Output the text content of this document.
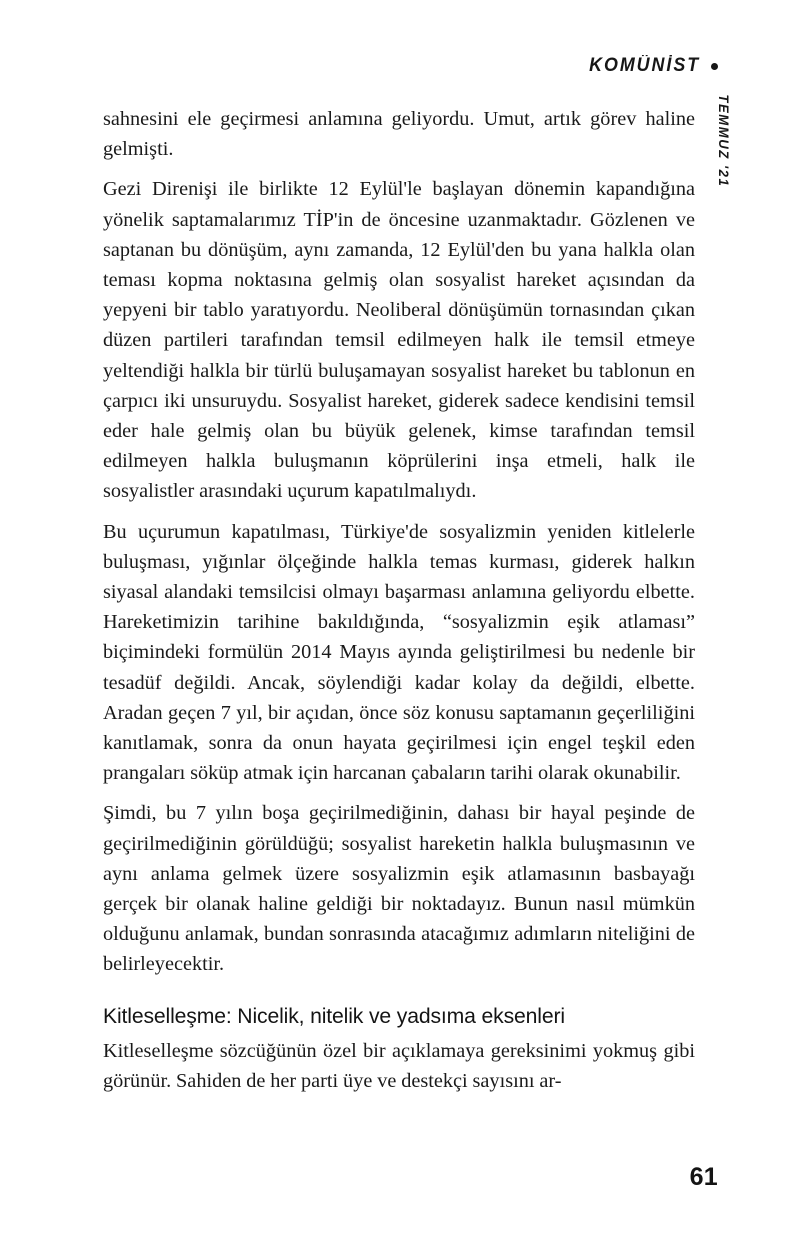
KOMÜNİST
TEMMUZ '21

sahnesini ele geçirmesi anlamına geliyordu. Umut, artık görev haline gelmişti.

Gezi Direnişi ile birlikte 12 Eylül'le başlayan dönemin kapandığına yönelik saptamalarımız TİP'in de öncesine uzanmaktadır. Gözlenen ve saptanan bu dönüşüm, aynı zamanda, 12 Eylül'den bu yana halkla olan teması kopma noktasına gelmiş olan sosyalist hareket açısından da yepyeni bir tablo yaratıyordu. Neoliberal dönüşümün tornasından çıkan düzen partileri tarafından temsil edilmeyen halk ile temsil etmeye yeltendiği halkla bir türlü buluşamayan sosyalist hareket bu tablonun en çarpıcı iki unsuruydu. Sosyalist hareket, giderek sadece kendisini temsil eder hale gelmiş olan bu büyük gelenek, kimse tarafından temsil edilmeyen halkla buluşmanın köprülerini inşa etmeli, halk ile sosyalistler arasındaki uçurum kapatılmalıydı.

Bu uçurumun kapatılması, Türkiye'de sosyalizmin yeniden kitlelerle buluşması, yığınlar ölçeğinde halkla temas kurması, giderek halkın siyasal alandaki temsilcisi olmayı başarması anlamına geliyordu elbette. Hareketimizin tarihine bakıldığında, “sosyalizmin eşik atlaması” biçimindeki formülün 2014 Mayıs ayında geliştirilmesi bu nedenle bir tesadüf değildi. Ancak, söylendiği kadar kolay da değildi, elbette. Aradan geçen 7 yıl, bir açıdan, önce söz konusu saptamanın geçerliliğini kanıtlamak, sonra da onun hayata geçirilmesi için engel teşkil eden prangaları söküp atmak için harcanan çabaların tarihi olarak okunabilir.

Şimdi, bu 7 yılın boşa geçirilmediğinin, dahası bir hayal peşinde de geçirilmediğinin görüldüğü; sosyalist hareketin halkla buluşmasının ve aynı anlama gelmek üzere sosyalizmin eşik atlamasının basbayağı gerçek bir olanak haline geldiği bir noktadayız. Bunun nasıl mümkün olduğunu anlamak, bundan sonrasında atacağımız adımların niteliğini de belirleyecektir.

Kitleselleşme: Nicelik, nitelik ve yadsıma eksenleri

Kitleselleşme sözcüğünün özel bir açıklamaya gereksinimi yokmuş gibi görünür. Sahiden de her parti üye ve destekçi sayısını ar-

61
